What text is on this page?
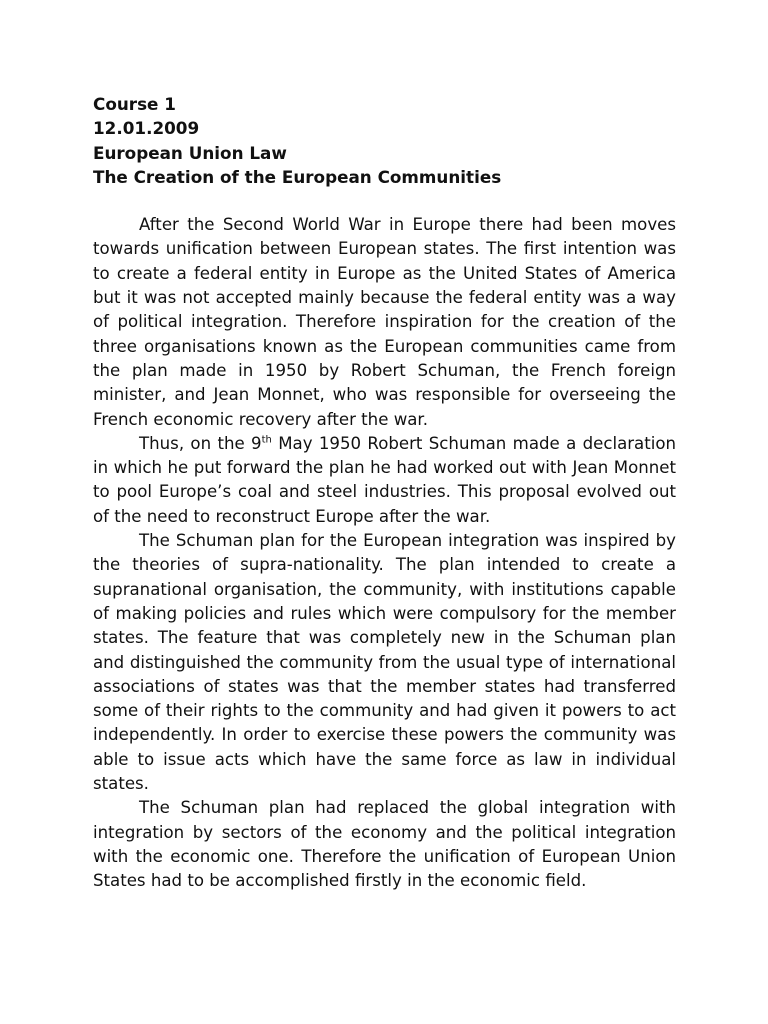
Course 1

12.01.2009

European Union Law

The Creation of the European Communities

After the Second World War in Europe there had been moves towards unification between European states. The first intention was to create a federal entity in Europe as the United States of America but it was not accepted mainly because the federal entity was a way of political integration. Therefore inspiration for the creation of the three organisations known as the European communities came from the plan made in 1950 by Robert Schuman, the French foreign minister, and Jean Monnet, who was responsible for overseeing the French economic recovery after the war.

Thus, on the 9th May 1950 Robert Schuman made a declaration in which he put forward the plan he had worked out with Jean Monnet to pool Europe’s coal and steel industries. This proposal evolved out of the need to reconstruct Europe after the war.

The Schuman plan for the European integration was inspired by the theories of supra-nationality. The plan intended to create a supranational organisation, the community, with institutions capable of making policies and rules which were compulsory for the member states. The feature that was completely new in the Schuman plan and distinguished the community from the usual type of international associations of states was that the member states had transferred some of their rights to the community and had given it powers to act independently. In order to exercise these powers the community was able to issue acts which have the same force as law in individual states.

The Schuman plan had replaced the global integration with integration by sectors of the economy and the political integration with the economic one. Therefore the unification of European Union States had to be accomplished firstly in the economic field.
